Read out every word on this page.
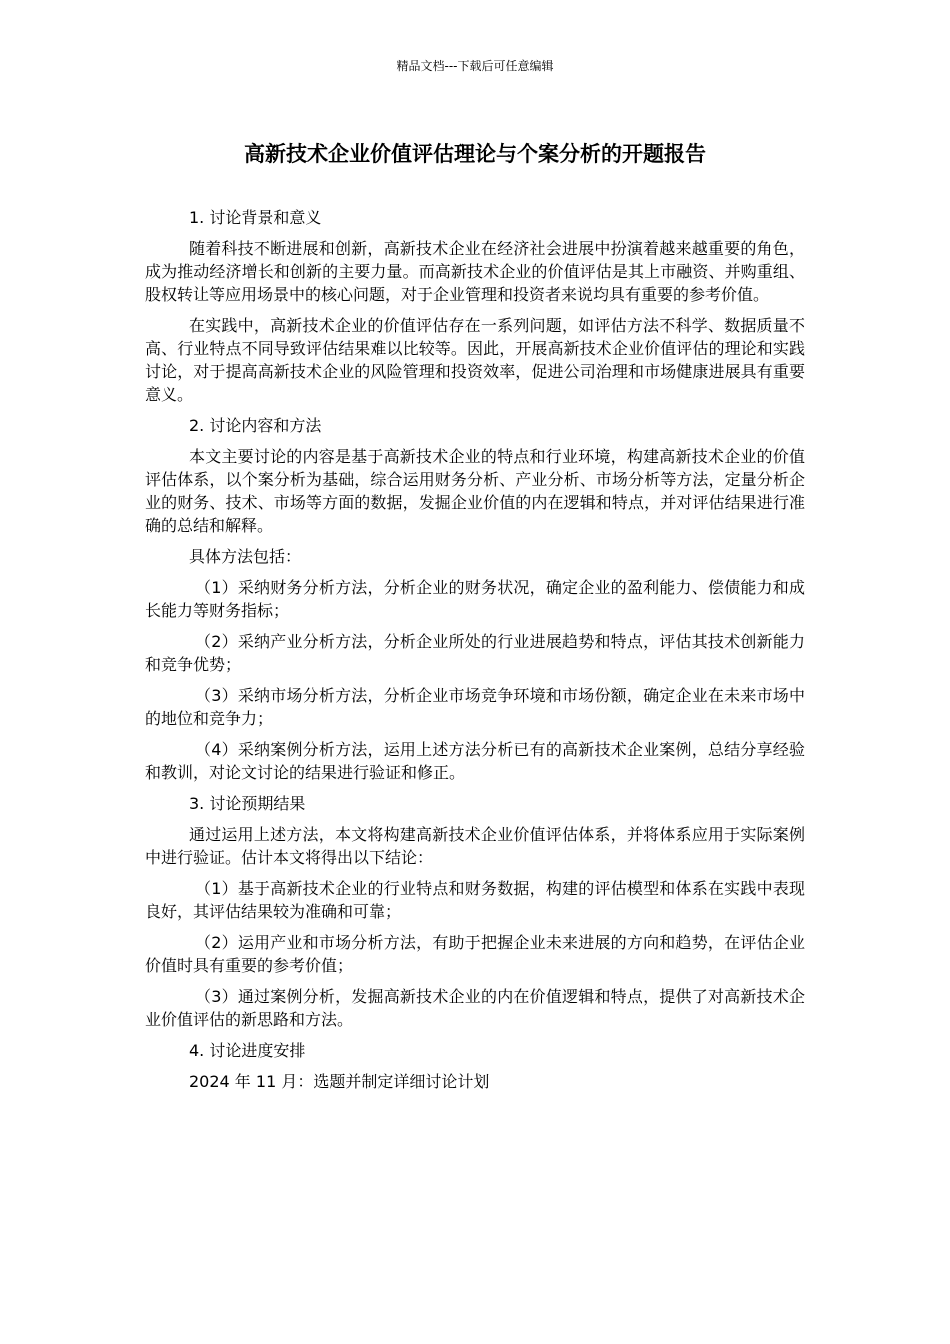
精品文档---下载后可任意编辑
高新技术企业价值评估理论与个案分析的开题报告

1. 讨论背景和意义

随着科技不断进展和创新，高新技术企业在经济社会进展中扮演着越来越重要的角色，成为推动经济增长和创新的主要力量。而高新技术企业的价值评估是其上市融资、并购重组、股权转让等应用场景中的核心问题，对于企业管理和投资者来说均具有重要的参考价值。

在实践中，高新技术企业的价值评估存在一系列问题，如评估方法不科学、数据质量不高、行业特点不同导致评估结果难以比较等。因此，开展高新技术企业价值评估的理论和实践讨论，对于提高高新技术企业的风险管理和投资效率，促进公司治理和市场健康进展具有重要意义。

2. 讨论内容和方法

本文主要讨论的内容是基于高新技术企业的特点和行业环境，构建高新技术企业的价值评估体系，以个案分析为基础，综合运用财务分析、产业分析、市场分析等方法，定量分析企业的财务、技术、市场等方面的数据，发掘企业价值的内在逻辑和特点，并对评估结果进行准确的总结和解释。

具体方法包括：

（1）采纳财务分析方法，分析企业的财务状况，确定企业的盈利能力、偿债能力和成长能力等财务指标；

（2）采纳产业分析方法，分析企业所处的行业进展趋势和特点，评估其技术创新能力和竞争优势；

（3）采纳市场分析方法，分析企业市场竞争环境和市场份额，确定企业在未来市场中的地位和竞争力；

（4）采纳案例分析方法，运用上述方法分析已有的高新技术企业案例，总结分享经验和教训，对论文讨论的结果进行验证和修正。

3. 讨论预期结果

通过运用上述方法，本文将构建高新技术企业价值评估体系，并将体系应用于实际案例中进行验证。估计本文将得出以下结论：

（1）基于高新技术企业的行业特点和财务数据，构建的评估模型和体系在实践中表现良好，其评估结果较为准确和可靠；

（2）运用产业和市场分析方法，有助于把握企业未来进展的方向和趋势，在评估企业价值时具有重要的参考价值；

（3）通过案例分析，发掘高新技术企业的内在价值逻辑和特点，提供了对高新技术企业价值评估的新思路和方法。

4. 讨论进度安排

2024 年 11 月：选题并制定详细讨论计划
